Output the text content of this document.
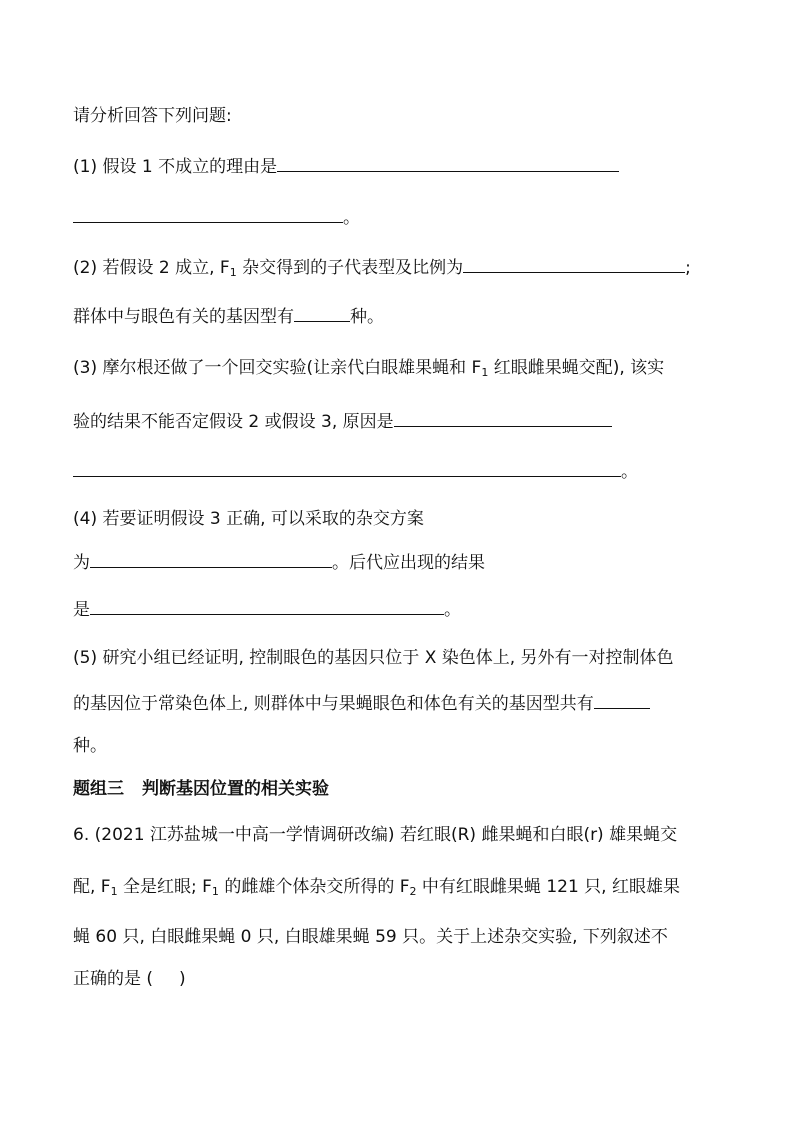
请分析回答下列问题:
(1) 假设 1 不成立的理由是
。
(2) 若假设 2 成立, $F_1$ 杂交得到的子代表型及比例为	;
群体中与眼色有关的基因型有	种。
(3) 摩尔根还做了一个回交实验(让亲代白眼雄果蝇和 $F_1$ 红眼雌果蝇交配), 该实
验的结果不能否定假设 2 或假设 3, 原因是
。
(4) 若要证明假设 3 正确, 可以采取的杂交方案
为	。后代应出现的结果
是	。
(5) 研究小组已经证明, 控制眼色的基因只位于 X 染色体上, 另外有一对控制体色
的基因位于常染色体上, 则群体中与果蝇眼色和体色有关的基因型共有
种。
题组三 判断基因位置的相关实验
6. (2021 江苏盐城一中高一学情调研改编) 若红眼(R) 雌果蝇和白眼(r) 雄果蝇交
配, $F_1$ 全是红眼; $F_1$ 的雌雄个体杂交所得的 $F_2$ 中有红眼雌果蝇 121 只, 红眼雄果
蝇 60 只, 白眼雌果蝇 0 只, 白眼雄果蝇 59 只。关于上述杂交实验, 下列叙述不
正确的是 ( )
